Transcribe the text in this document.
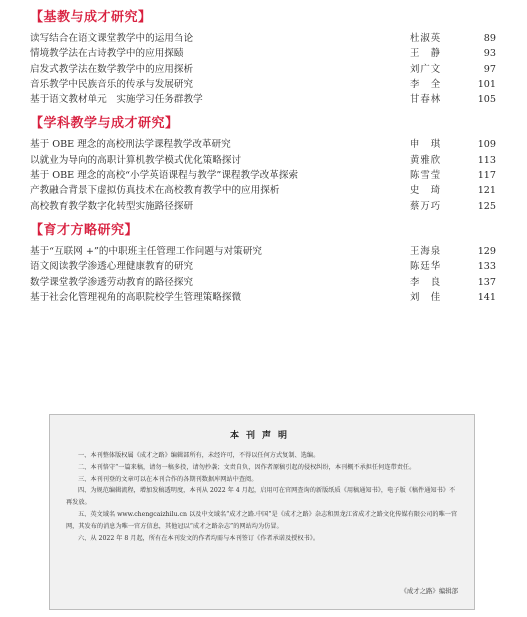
【基教与成才研究】
读写结合在语文课堂教学中的运用刍论	杜淑英	89
情境教学法在古诗教学中的应用探赜	王　静	93
启发式教学法在数学教学中的应用探析	刘广文	97
音乐教学中民族音乐的传承与发展研究	李　全	101
基于语文教材单元　实施学习任务群教学	甘春林	105
【学科教学与成才研究】
基于 OBE 理念的高校刑法学课程教学改革研究	申　琪	109
以就业为导向的高职计算机教学模式优化策略探讨	黄雅欣	113
基于 OBE 理念的高校“小学英语课程与教学”课程教学改革探索	陈雪莹	117
产教融合背景下虚拟仿真技术在高校教育教学中的应用探析	史　琦	121
高校教育教学数字化转型实施路径探研	蔡万巧	125
【育才方略研究】
基于“互联网 +”的中职班主任管理工作问题与对策研究	王海泉	129
语文阅读教学渗透心理健康教育的研究	陈廷华	133
数学课堂教学渗透劳动教育的路径探究	李　良	137
基于社会化管理视角的高职院校学生管理策略探微	刘　佳	141
本刊声明

一、本刊整体版权属《成才之路》编辑部所有，未经许可，不得以任何方式复制、选编。

二、本刊恪守“一篇来稿，请勿一稿多投，请勿抄袭；文责自负，因作者原稿引起的侵权纠纷，本刊概不承担任何连带责任。

三、本刊刊登的文章可以在本刊合作的各期刊数据库网站中查阅。

四、为规范编辑流程，增加发稿透明度，本刊从 2022 年 4 月起，启用可在官网查询的新版纸质《用稿通知书》，电子版《稿件通知书》不再发放。

五、英文域名 www.chengcaizhilu.cn 以及中文域名“成才之路.中国”是《成才之路》杂志和黑龙江省成才之路文化传媒有限公司的唯一官网，其发布的消息为唯一官方信息，其他冠以“成才之路杂志”的网站均为仿冒。

六、从 2022 年 8 月起，所有在本刊发文的作者均需与本刊签订《作者承诺及授权书》。

《成才之路》编辑部
